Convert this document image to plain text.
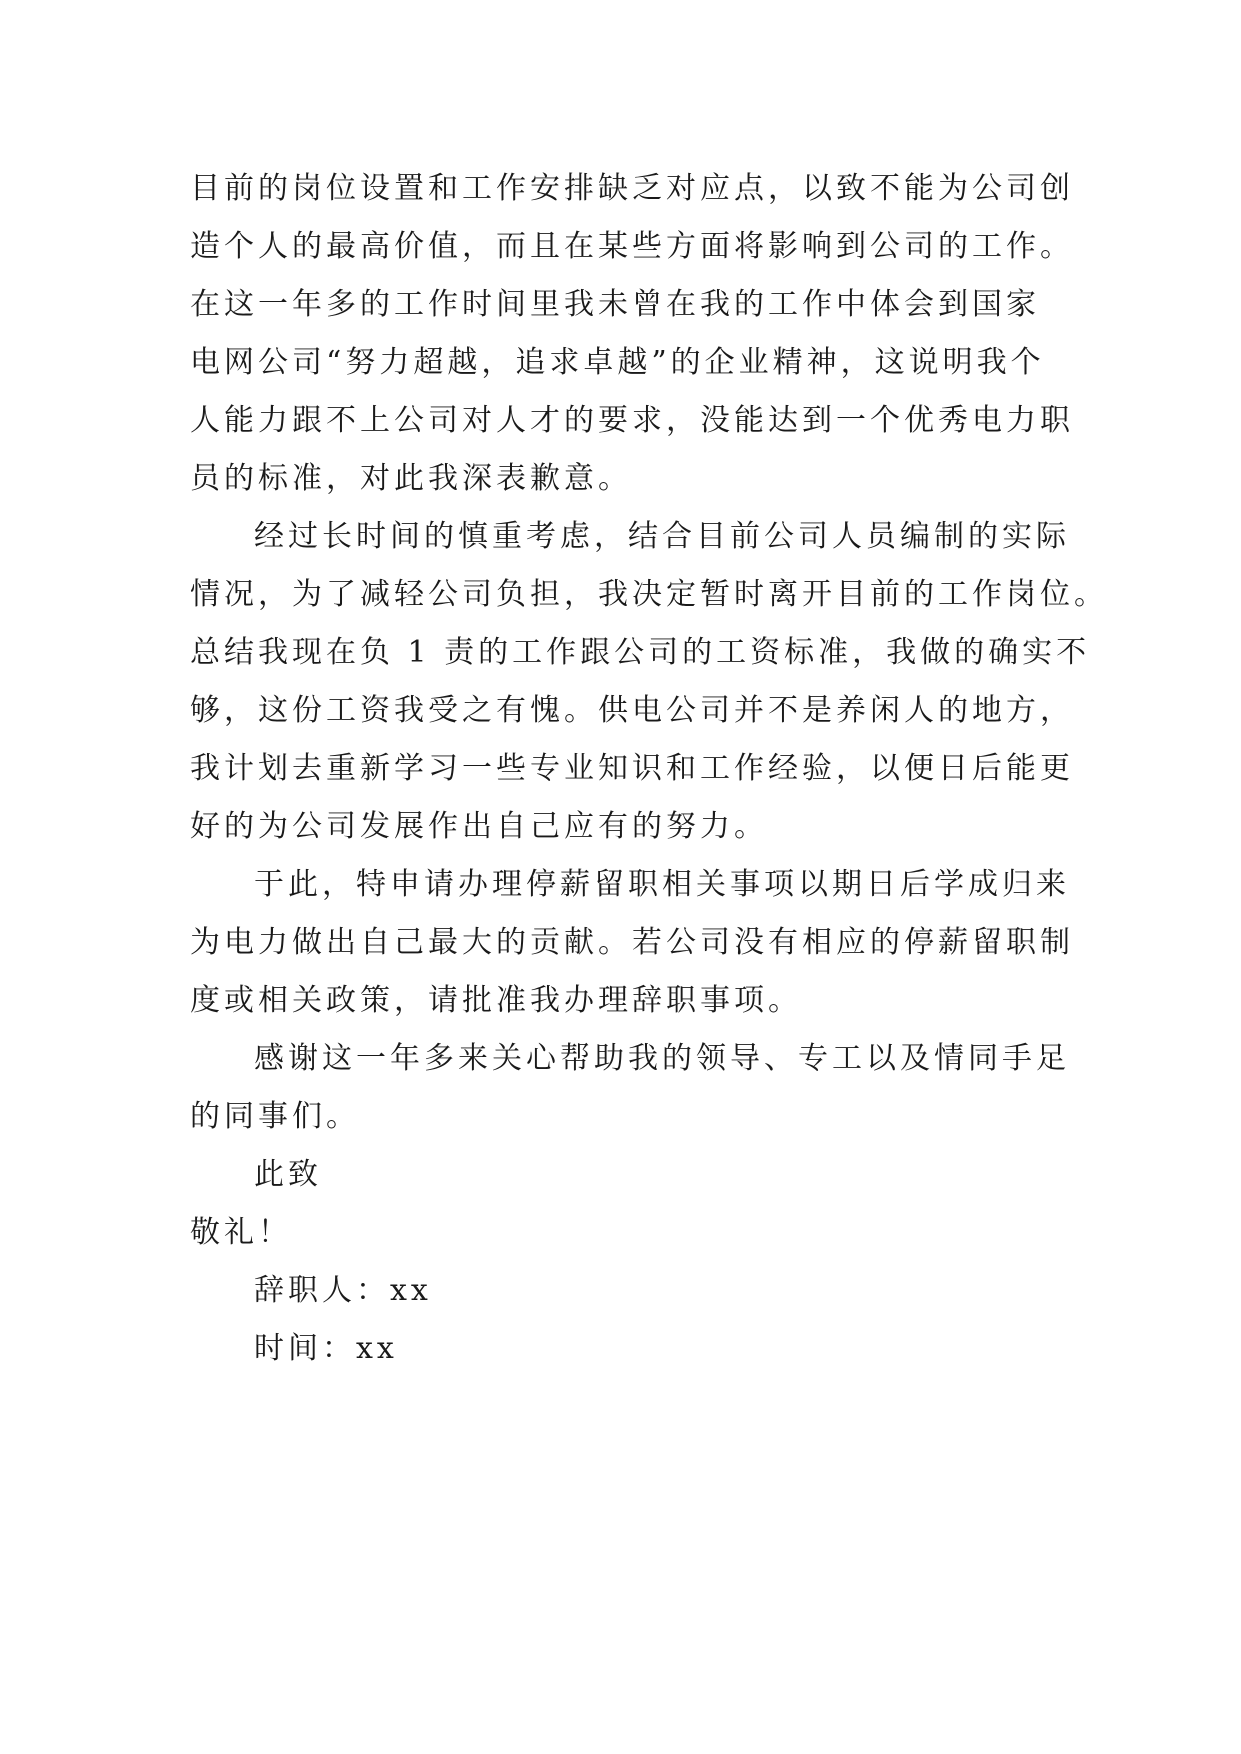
目前的岗位设置和工作安排缺乏对应点，以致不能为公司创
造个人的最高价值，而且在某些方面将影响到公司的工作。
在这一年多的工作时间里我未曾在我的工作中体会到国家
电网公司“努力超越，追求卓越”的企业精神，这说明我个
人能力跟不上公司对人才的要求，没能达到一个优秀电力职
员的标准，对此我深表歉意。
经过长时间的慎重考虑，结合目前公司人员编制的实际
情况，为了减轻公司负担，我决定暂时离开目前的工作岗位。
总结我现在负 1 责的工作跟公司的工资标准，我做的确实不
够，这份工资我受之有愧。供电公司并不是养闲人的地方，
我计划去重新学习一些专业知识和工作经验，以便日后能更
好的为公司发展作出自己应有的努力。
于此，特申请办理停薪留职相关事项以期日后学成归来
为电力做出自己最大的贡献。若公司没有相应的停薪留职制
度或相关政策，请批准我办理辞职事项。
感谢这一年多来关心帮助我的领导、专工以及情同手足
的同事们。
此致
敬礼！
辞职人：xx
时间：xx
